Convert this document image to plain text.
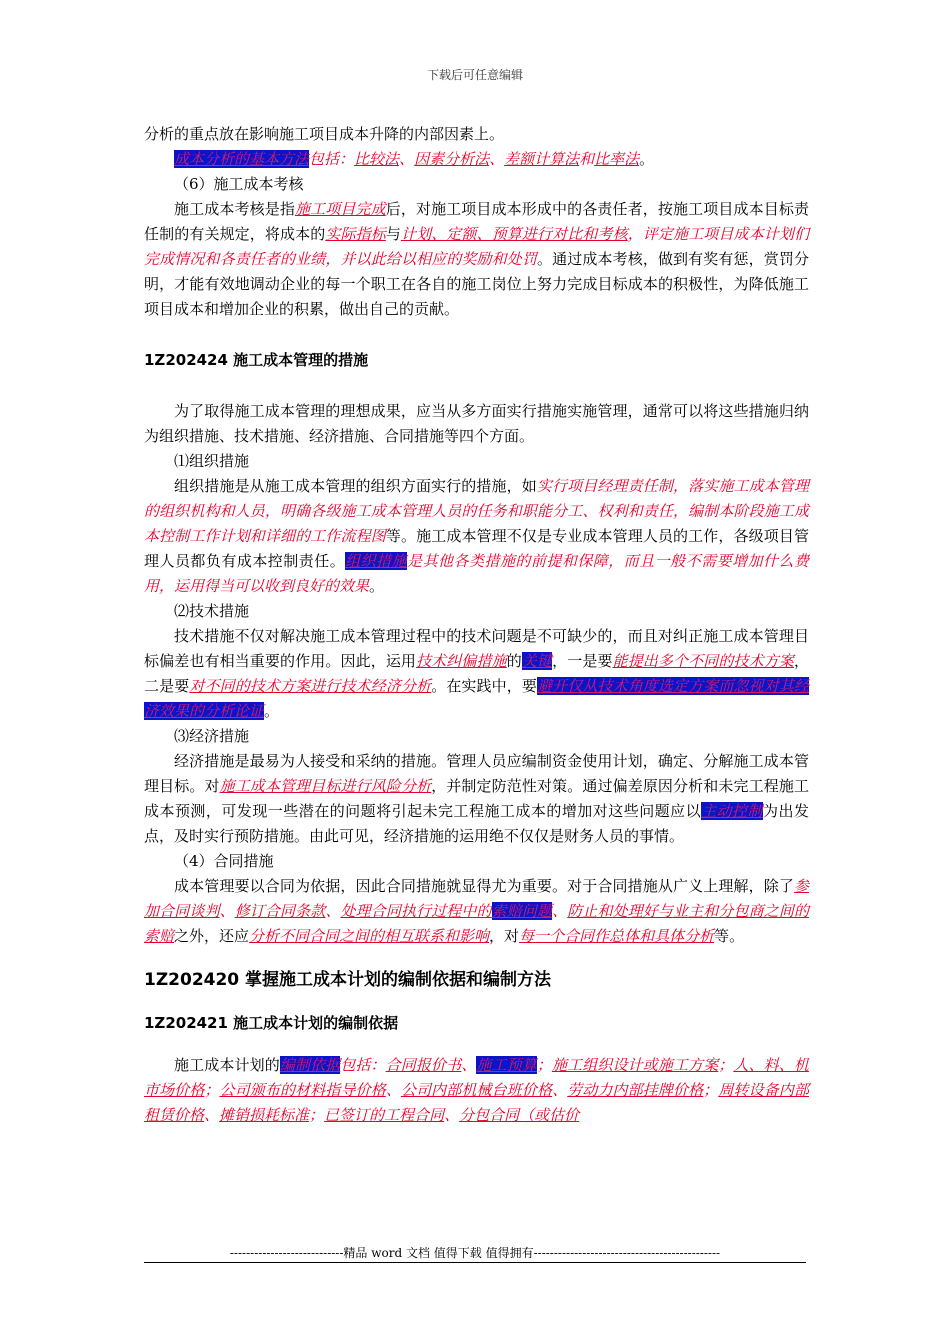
下载后可任意编辑

分析的重点放在影响施工项目成本升降的内部因素上。

成本分析的基本方法包括：比较法、因素分析法、差额计算法和比率法。

（6）施工成本考核

施工成本考核是指施工项目完成后，对施工项目成本形成中的各责任者，按施工项目成本目标责任制的有关规定，将成本的实际指标与计划、定额、预算进行对比和考核，评定施工项目成本计划们完成情况和各责任者的业绩，并以此给以相应的奖励和处罚。通过成本考核，做到有奖有惩，赏罚分明，才能有效地调动企业的每一个职工在各自的施工岗位上努力完成目标成本的积极性，为降低施工项目成本和增加企业的积累，做出自己的贡献。

1Z202424 施工成本管理的措施

为了取得施工成本管理的理想成果，应当从多方面实行措施实施管理，通常可以将这些措施归纳为组织措施、技术措施、经济措施、合同措施等四个方面。

⑴组织措施

组织措施是从施工成本管理的组织方面实行的措施，如实行项目经理责任制，落实施工成本管理的组织机构和人员，明确各级施工成本管理人员的任务和职能分工、权利和责任，编制本阶段施工成本控制工作计划和详细的工作流程图等。施工成本管理不仅是专业成本管理人员的工作，各级项目管理人员都负有成本控制责任。组织措施是其他各类措施的前提和保障，而且一般不需要增加什么费用，运用得当可以收到良好的效果。

⑵技术措施

技术措施不仅对解决施工成本管理过程中的技术问题是不可缺少的，而且对纠正施工成本管理目标偏差也有相当重要的作用。因此，运用技术纠偏措施的关键，一是要能提出多个不同的技术方案，二是要对不同的技术方案进行技术经济分析。在实践中，要避开仅从技术角度选定方案而忽视对其经济效果的分析论证。

⑶经济措施

经济措施是最易为人接受和采纳的措施。管理人员应编制资金使用计划，确定、分解施工成本管理目标。对施工成本管理目标进行风险分析，并制定防范性对策。通过偏差原因分析和未完工程施工成本预测，可发现一些潜在的问题将引起未完工程施工成本的增加对这些问题应以主动控制为出发点，及时实行预防措施。由此可见，经济措施的运用绝不仅仅是财务人员的事情。

（4）合同措施

成本管理要以合同为依据，因此合同措施就显得尤为重要。对于合同措施从广义上理解，除了参加合同谈判、修订合同条款、处理合同执行过程中的索赔问题、防止和处理好与业主和分包商之间的索赔之外，还应分析不同合同之间的相互联系和影响，对每一个合同作总体和具体分析等。

1Z202420 掌握施工成本计划的编制依据和编制方法
1Z202421 施工成本计划的编制依据

施工成本计划的编制依据包括：合同报价书、施工预算；施工组织设计或施工方案；人、料、机市场价格；公司颁布的材料指导价格、公司内部机械台班价格、劳动力内部挂牌价格；周转设备内部租赁价格、摊销损耗标准；已签订的工程合同、分包合同（或估价

----------------------------精品 word 文档 值得下载 值得拥有----------------------------------------------
